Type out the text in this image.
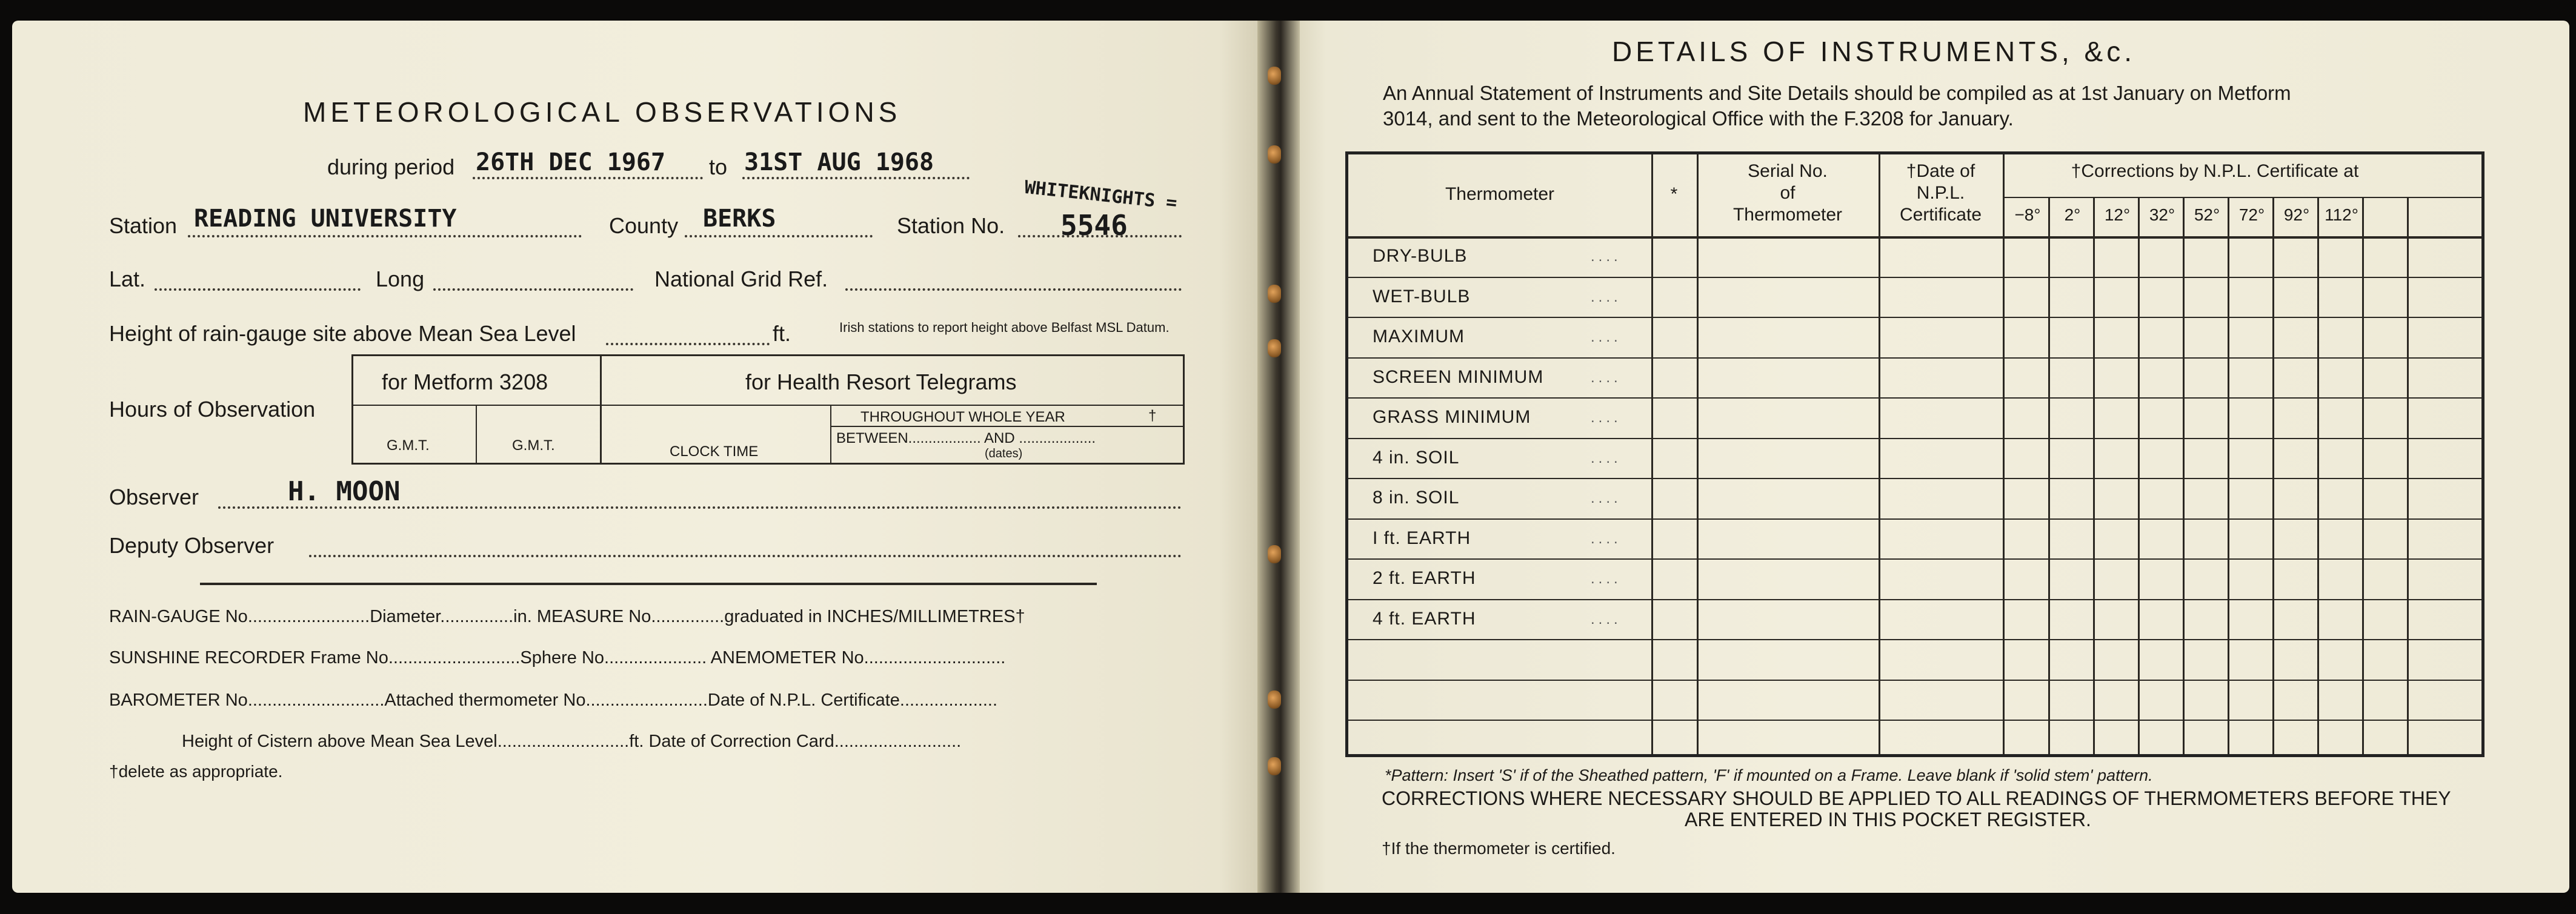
METEOROLOGICAL OBSERVATIONS
during period 26TH DEC 1967 to 31ST AUG 1968
Station READING UNIVERSITY	County BERKS	Station No.
WHITEKNIGHTS =
5546
Lat.	Long	National Grid Ref.
Height of rain-gauge site above Mean Sea Level	ft.	Irish stations to report height above Belfast MSL Datum.
Hours of Observation
for Metform 3208
G.M.T.	G.M.T.
for Health Resort Telegrams
CLOCK TIME
THROUGHOUT WHOLE YEAR	†
BETWEEN.................. AND ...................
(dates)
Observer	H. MOON
Deputy Observer
RAIN-GAUGE No.........................Diameter...............in. MEASURE No...............graduated in INCHES/MILLIMETRES†
SUNSHINE RECORDER Frame No...........................Sphere No..................... ANEMOMETER No.............................
BAROMETER No............................Attached thermometer No.........................Date of N.P.L. Certificate....................
Height of Cistern above Mean Sea Level...........................ft. Date of Correction Card..........................
†delete as appropriate.
DETAILS OF INSTRUMENTS, &c.
An Annual Statement of Instruments and Site Details should be compiled as at 1st January on Metform
3014, and sent to the Meteorological Office with the F.3208 for January.
Thermometer	*
Serial No.
of
Thermometer
†Date of
N.P.L.
Certificate
†Corrections by N.P.L. Certificate at
−8°	2°	12°	32°	52°	72°	92° 112°
DRY-BULB	....
WET-BULB	....
MAXIMUM	....
SCREEN MINIMUM	....
GRASS MINIMUM	....
4 in. SOIL	....
8 in. SOIL	....
I ft. EARTH	....
2 ft. EARTH	....
4 ft. EARTH	....
*Pattern: Insert 'S' if of the Sheathed pattern, 'F' if mounted on a Frame. Leave blank if 'solid stem' pattern.
CORRECTIONS WHERE NECESSARY SHOULD BE APPLIED TO ALL READINGS OF THERMOMETERS BEFORE THEY
ARE ENTERED IN THIS POCKET REGISTER.
†If the thermometer is certified.
